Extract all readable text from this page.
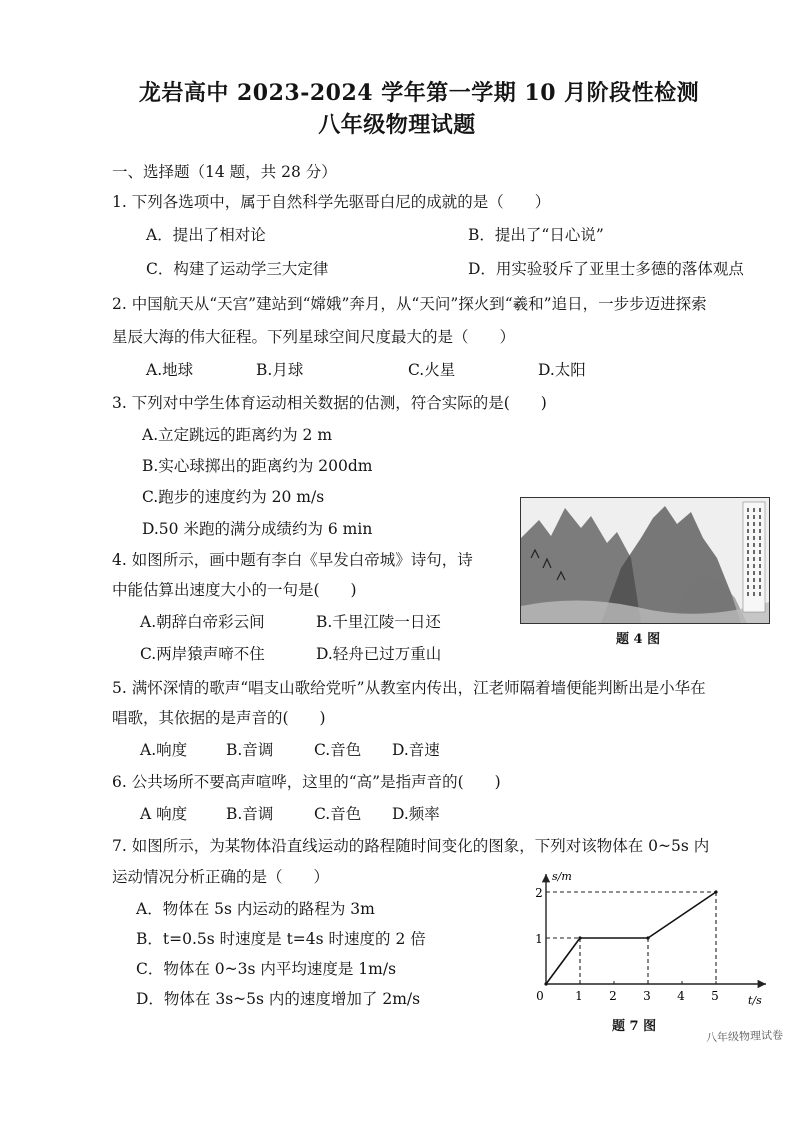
龙岩高中 2023-2024 学年第一学期 10 月阶段性检测
八年级物理试题
一、选择题（14 题，共 28 分）
1. 下列各选项中，属于自然科学先驱哥白尼的成就的是（　　）
A．提出了相对论	B．提出了“日心说”
C．构建了运动学三大定律	D．用实验驳斥了亚里士多德的落体观点
2. 中国航天从“天宫”建站到“嫦娥”奔月，从“天问”探火到“羲和”追日，一步步迈进探索
星辰大海的伟大征程。下列星球空间尺度最大的是（　　）
A.地球	B.月球	C.火星	D.太阳
3. 下列对中学生体育运动相关数据的估测，符合实际的是(　　)
A.立定跳远的距离约为 2 m
B.实心球掷出的距离约为 200dm
C.跑步的速度约为 20 m/s
D.50 米跑的满分成绩约为 6 min
4. 如图所示，画中题有李白《早发白帝城》诗句，诗
中能估算出速度大小的一句是(　　)
A.朝辞白帝彩云间	B.千里江陵一日还
C.两岸猿声啼不住	D.轻舟已过万重山
题 4 图
5. 满怀深情的歌声“唱支山歌给党听”从教室内传出，江老师隔着墙便能判断出是小华在
唱歌，其依据的是声音的(　　)
A.响度	B.音调	C.音色 D.音速
6. 公共场所不要高声喧哗，这里的“高”是指声音的(　　)
A 响度	B.音调	C.音色 D.频率
7. 如图所示，为某物体沿直线运动的路程随时间变化的图象，下列对该物体在 0~5s 内
运动情况分析正确的是（　　）
A．物体在 5s 内运动的路程为 3m
B．t=0.5s 时速度是 t=4s 时速度的 2 倍
C．物体在 0~3s 内平均速度是 1m/s
D．物体在 3s~5s 内的速度增加了 2m/s
s/m
t/s
0	1 2 3 4 5
1
2
题 7 图
八年级物理试卷
